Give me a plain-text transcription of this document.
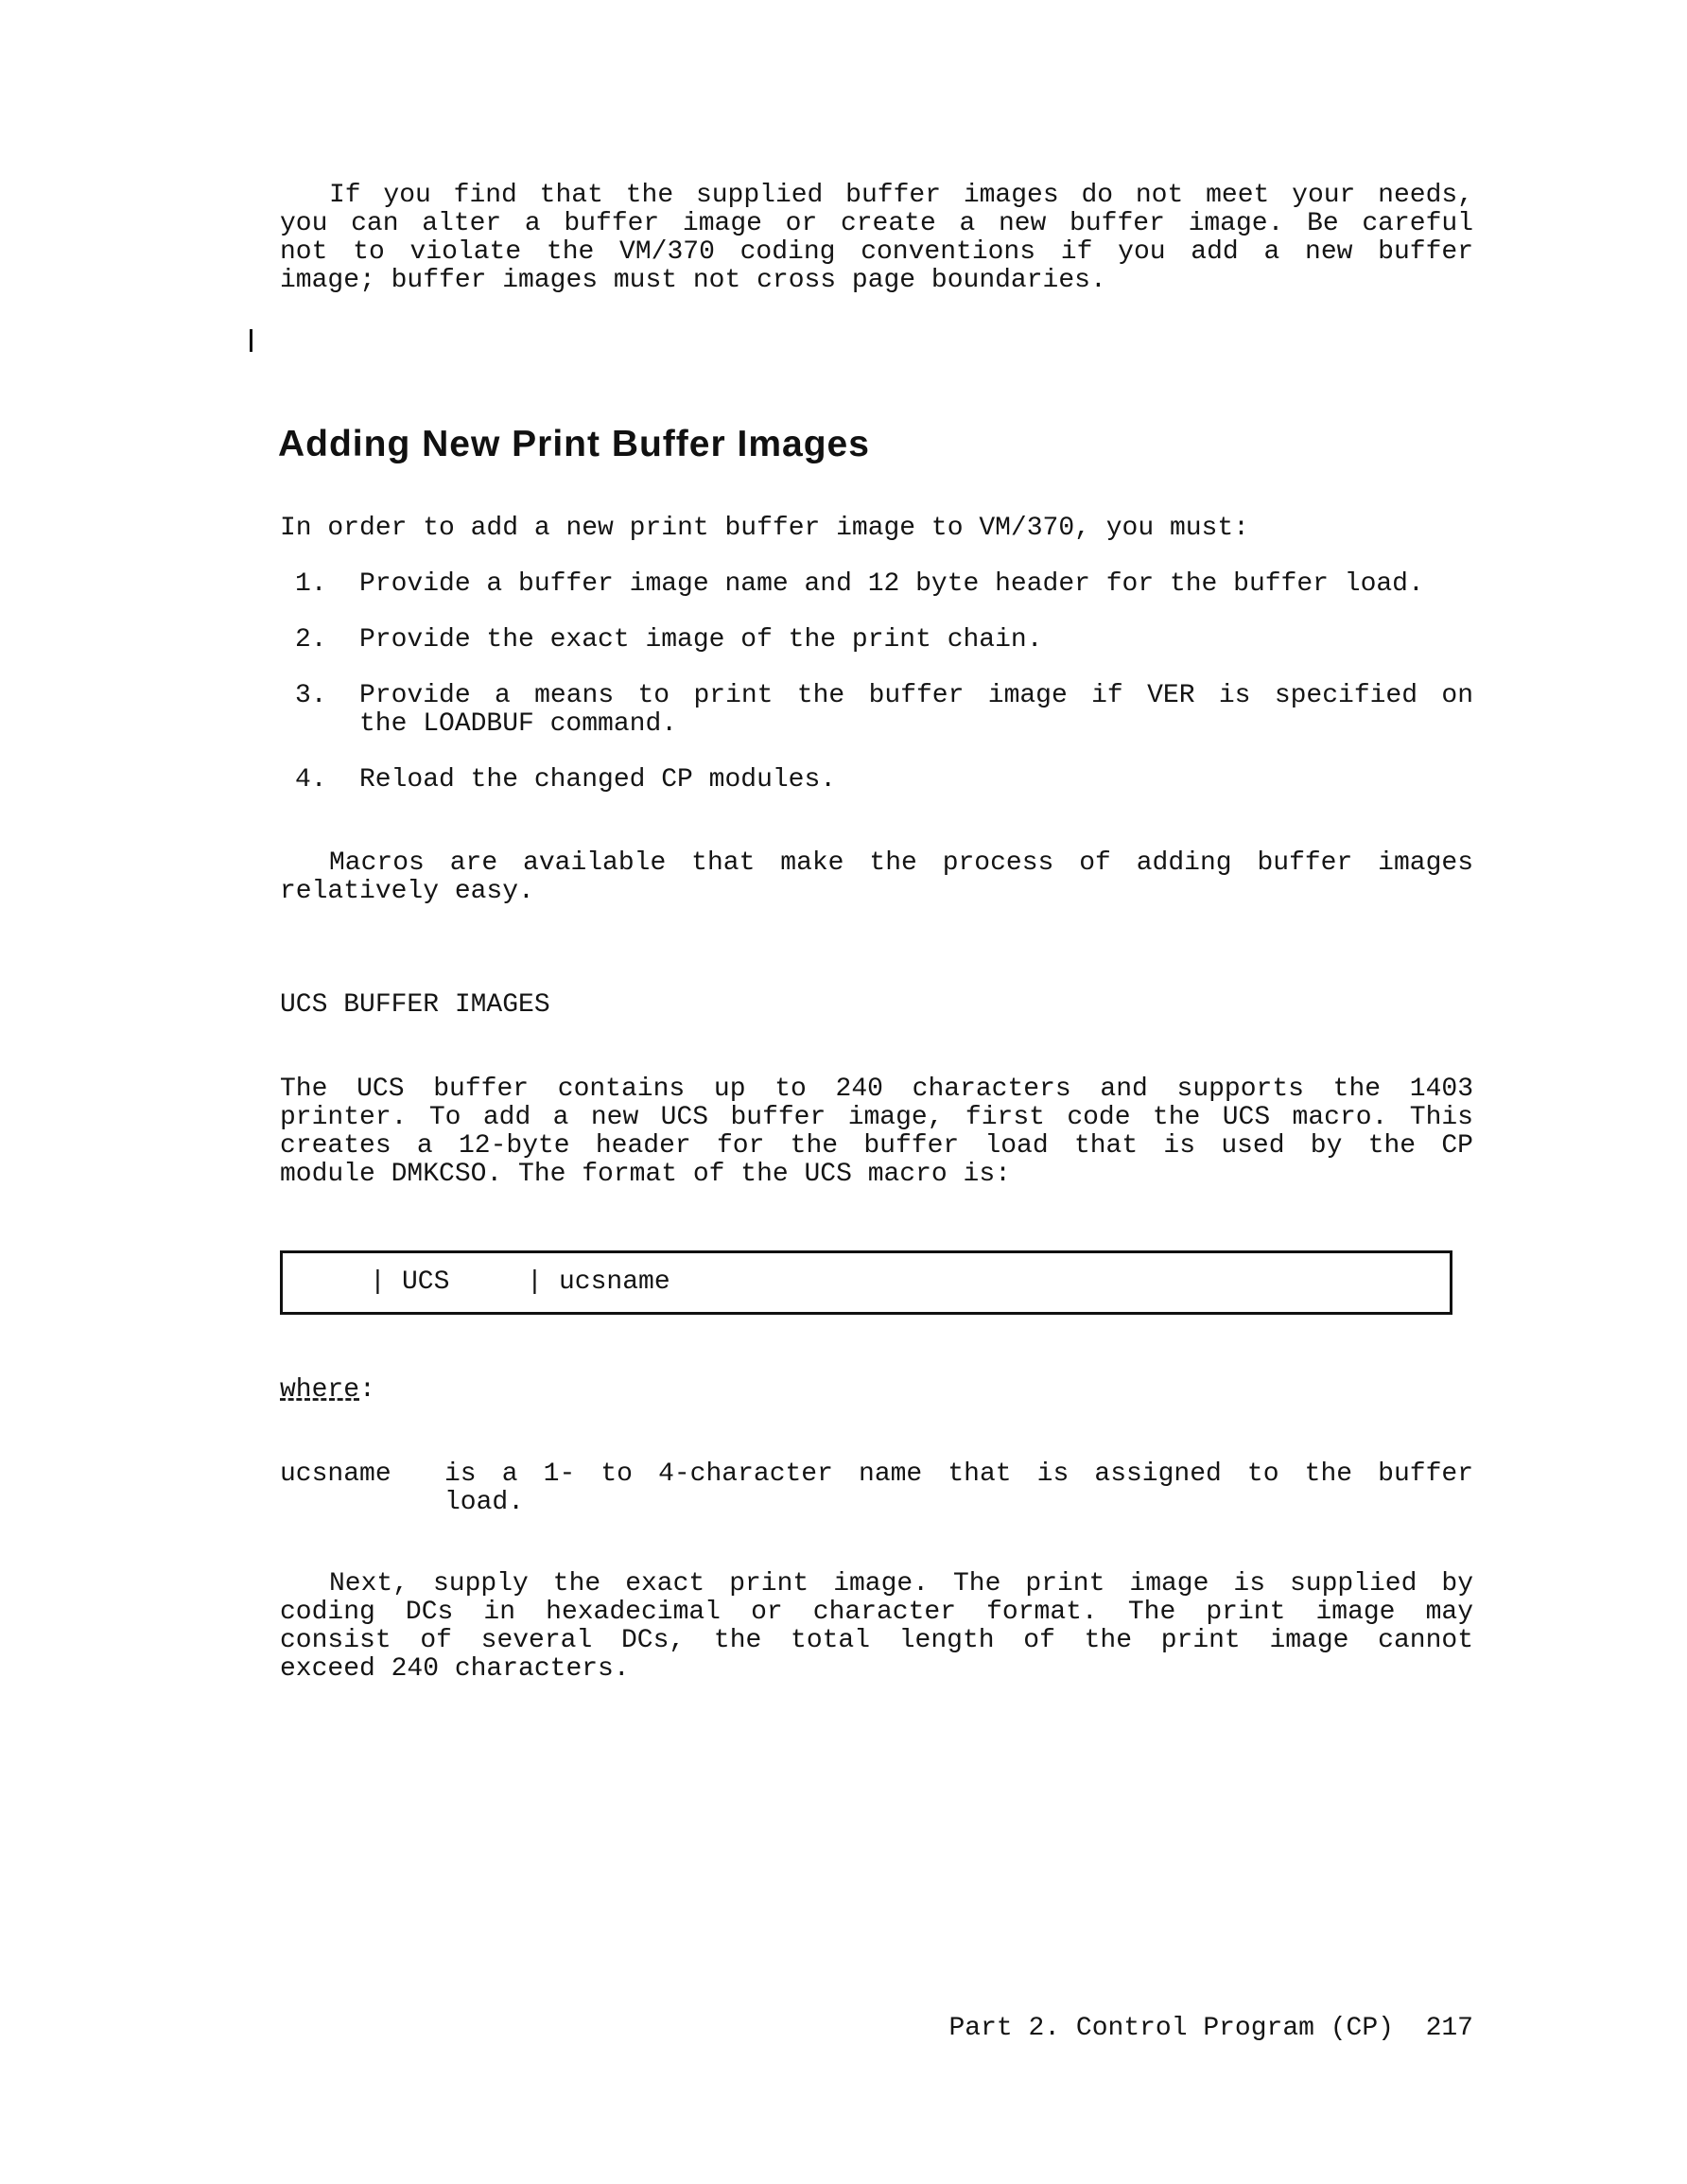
If you find that the supplied buffer images do not meet your needs,
you can alter a buffer image or create a new buffer image. Be careful
not to violate the VM/370 coding conventions if you add a new buffer
image; buffer images must not cross page boundaries.
Adding New Print Buffer Images
In order to add a new print buffer image to VM/370, you must:
1.	Provide a buffer image name and 12 byte header for the buffer load.
2.	Provide the exact image of the print chain.
3.	Provide a means to print the buffer image if VER is specified on
the LOADBUF command.
4.	Reload the changed CP modules.
Macros are available that make the process of adding buffer images
relatively easy.
UCS BUFFER IMAGES
The UCS buffer contains up to 240 characters and supports the 1403
printer. To add a new UCS buffer image, first code the UCS macro. This
creates a 12-byte header for the buffer load that is used by the CP
module DMKCSO. The format of the UCS macro is:
| UCS	| ucsname
where:
ucsname is a 1- to 4-character name that is assigned to the buffer
load.
Next, supply the exact print image. The print image is supplied by
coding DCs in hexadecimal or character format. The print image may
consist of several DCs, the total length of the print image cannot
exceed 240 characters.
Part 2. Control Program (CP) 217
